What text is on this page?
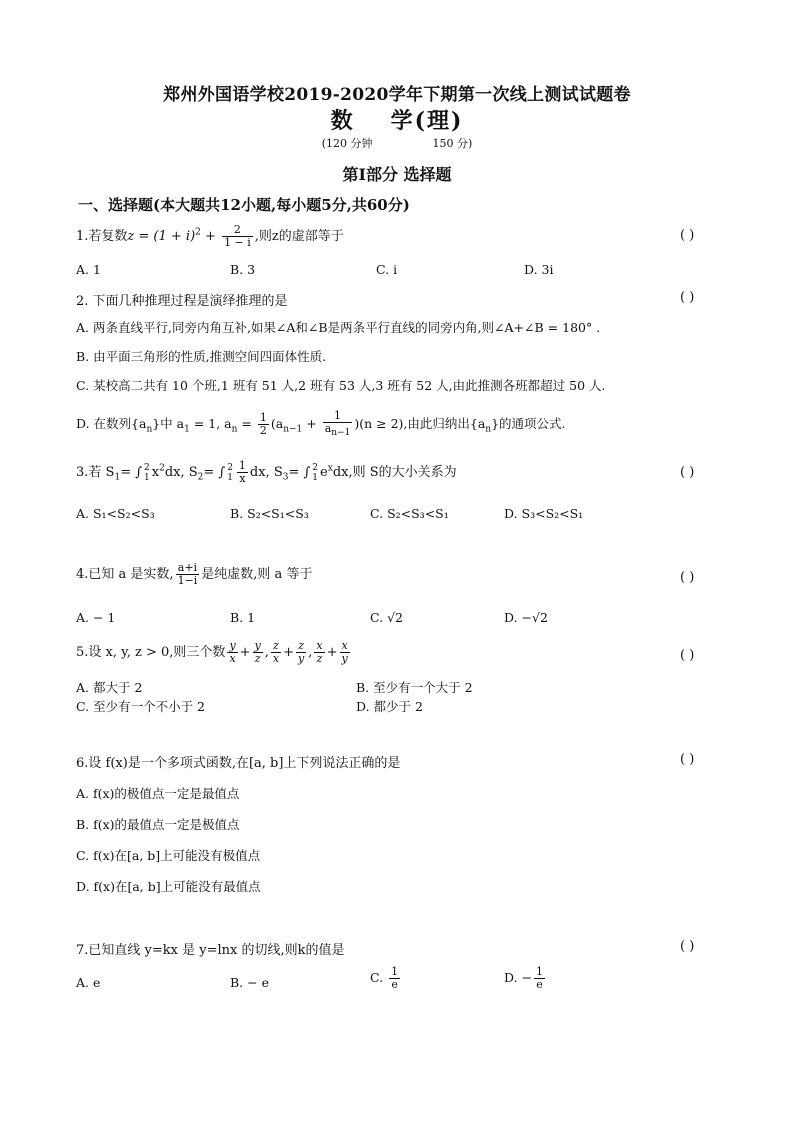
郑州外国语学校2019-2020学年下期第一次线上测试试题卷
数 学(理)
(120 分钟	150 分)
第Ⅰ部分 选择题
一、选择题(本大题共12小题,每小题5分,共60分)
1.若复数$z = (1 + i)^2 + \frac{2}{1 - i}$ ,则z的虚部等于	( )
A. 1	B. 3	C. i	D. 3i
2. 下面几种推理过程是演绎推理的是	( )
A. 两条直线平行,同旁内角互补,如果∠A和∠B是两条平行直线的同旁内角,则∠A+∠B = 180° .
B. 由平面三角形的性质,推测空间四面体性质.
C. 某校高二共有 10 个班,1 班有 51 人,2 班有 53 人,3 班有 52 人,由此推测各班都超过 50 人.
D. 在数列$\{a_n\}$中 $a_1 = 1$, $a_n = \frac{1}{2} (a_{n-1} + \frac{1}{a_{n-1}} )(n \ge 2)$,由此归纳出$\{a_n\}$的通项公式.
3.若 $S_1=$ ∫ 2
1 $x^2dx$, $S_2=$ ∫ 2
$1 \frac{1}{x}$ dx, $S_3=$ ∫ 2
1 $e^xdx$,则 S的大小关系为	( )
A. S₁<S₂<S₃	B. S₂<S₁<S₃	C. S₂<S₃<S₁	D. S₃<S₂<S₁
4.已知 a 是实数, $\frac{a+i}{1-i}$ 是纯虚数,则 a 等于	( )
A. − 1	B. 1	C. √2	D. −√2
5.设 x, y, z > 0,则三个数 $\frac{y}{x} + \frac{y}{z}$ , $\frac{z}{x} + \frac{z}{y}$ , $\frac{x}{z} + \frac{x}{y}$	( )
A. 都大于 2	B. 至少有一个大于 2
C. 至少有一个不小于 2	D. 都少于 2
6.设 f(x)是一个多项式函数,在[a, b]上下列说法正确的是	( )
A. f(x)的极值点一定是最值点
B. f(x)的最值点一定是极值点
C. f(x)在[a, b]上可能没有极值点
D. f(x)在[a, b]上可能没有最值点
7.已知直线 y=kx 是 y=lnx 的切线,则k的值是	( )
A. e	B. − e	C. $\frac{1}{e}$	D. − $\frac{1}{e}$
